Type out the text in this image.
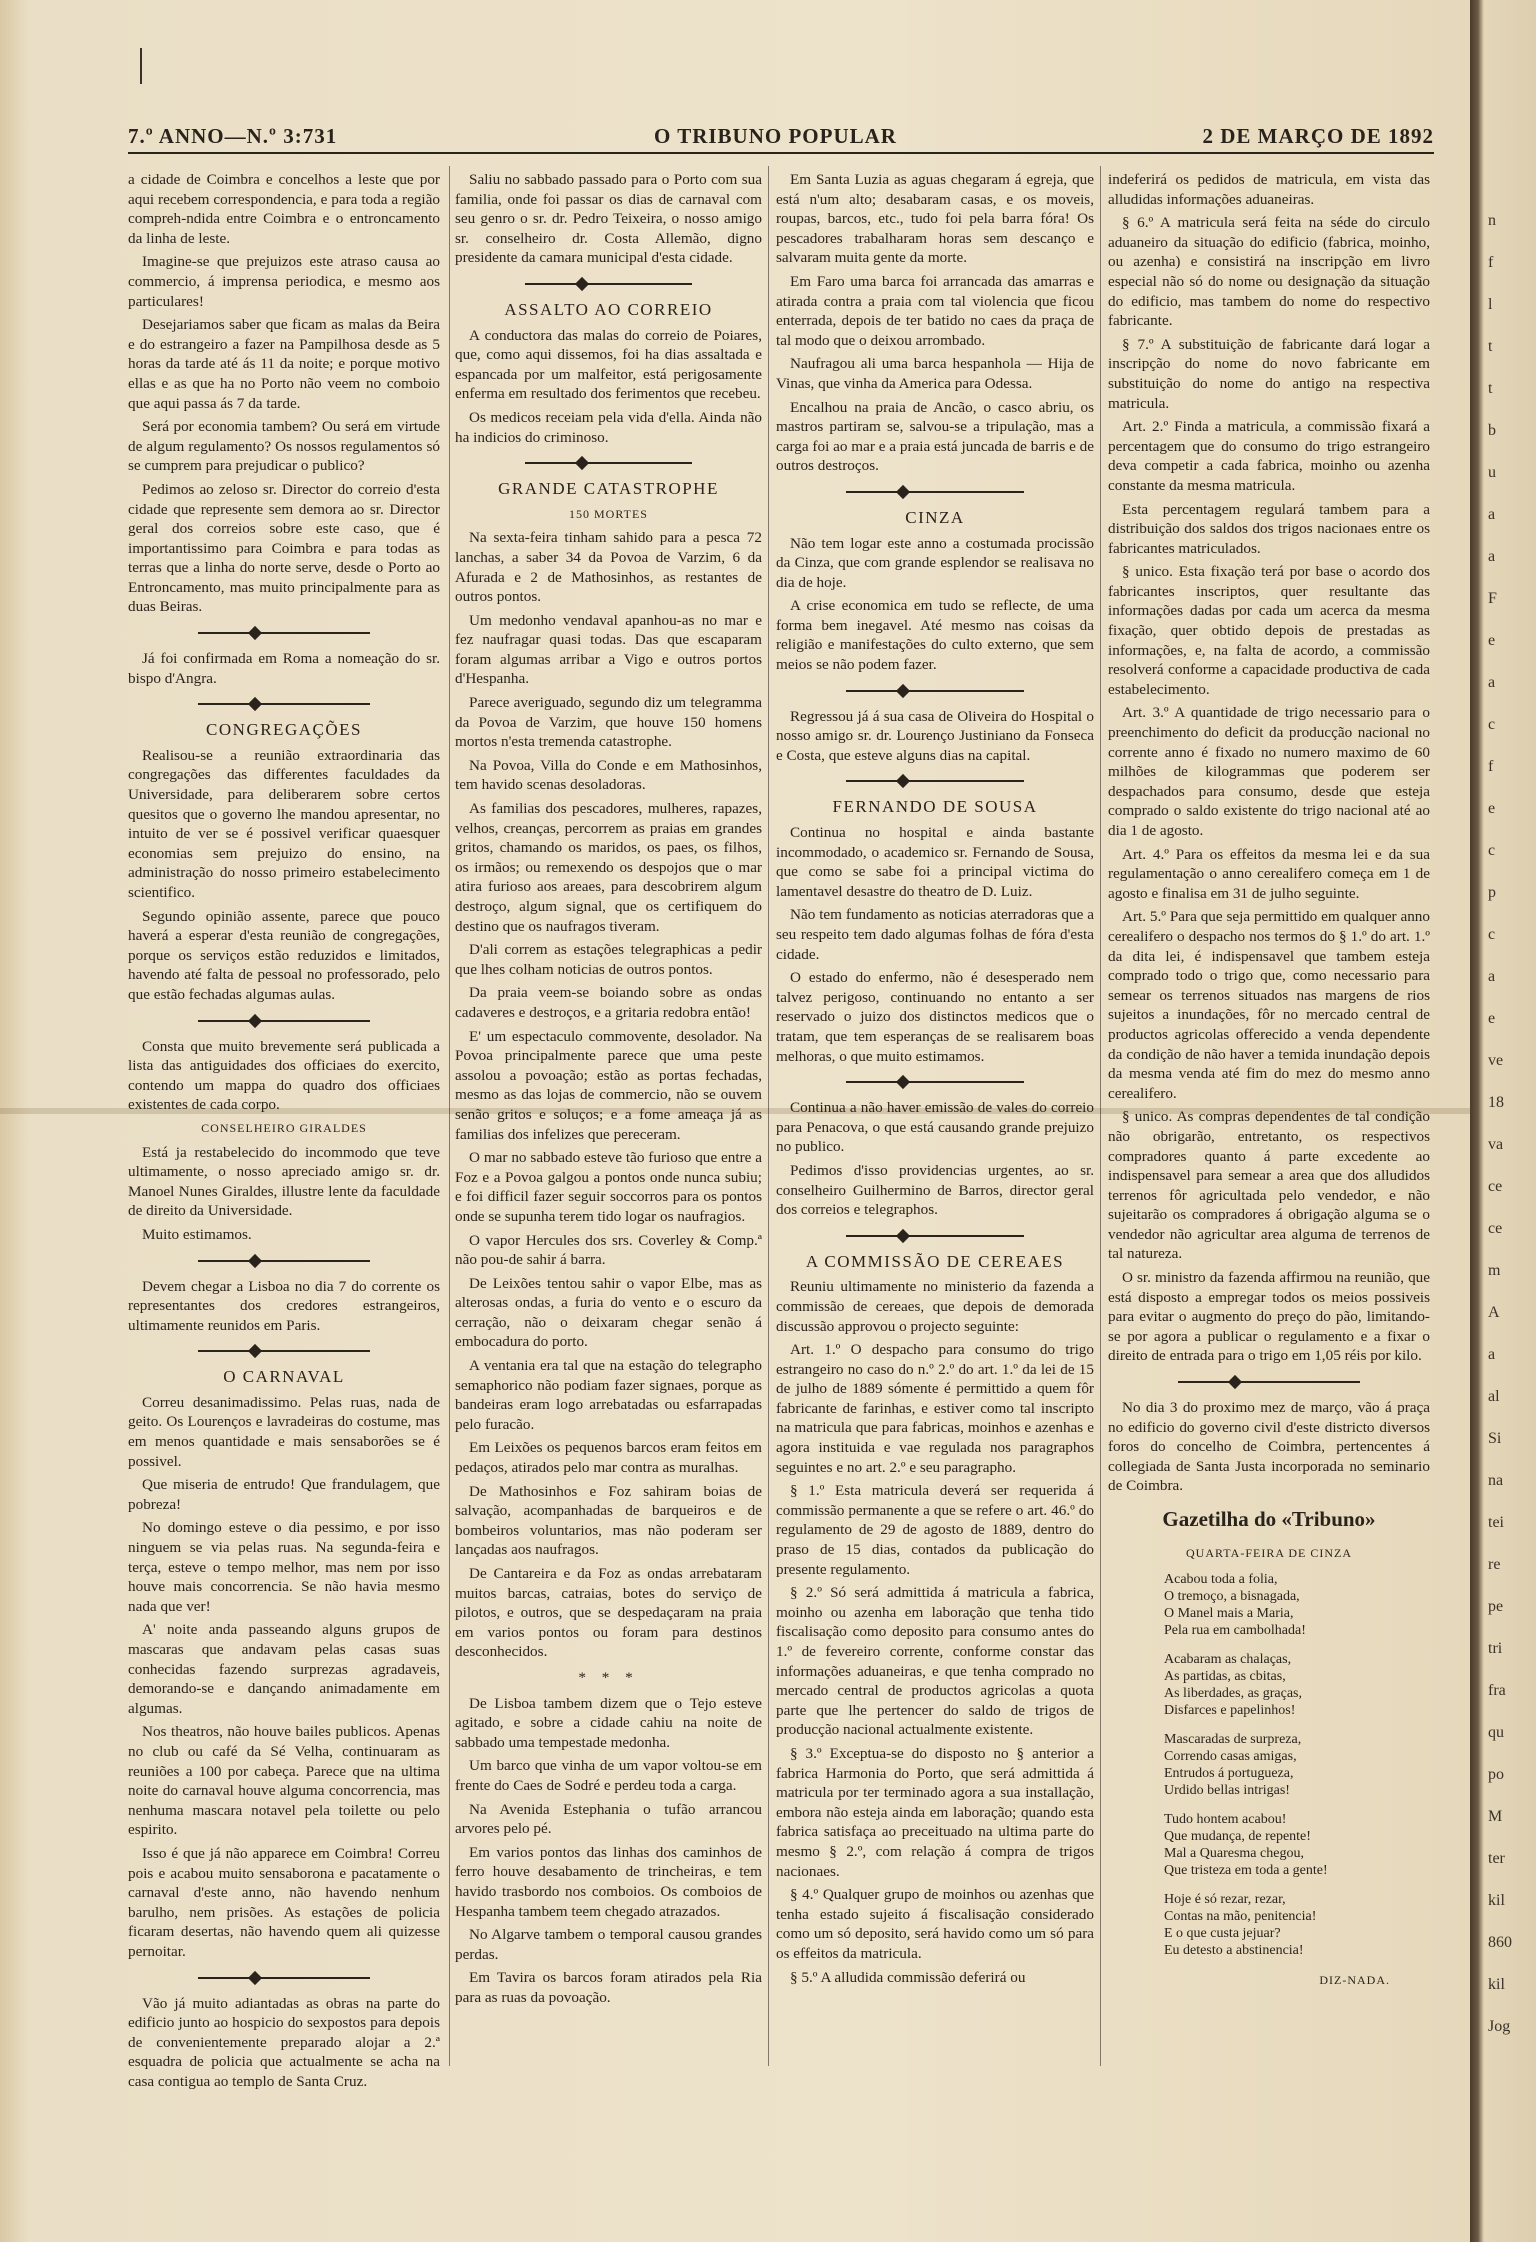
7.º ANNO—N.º 3:731	O TRIBUNO POPULAR	2 DE MARÇO DE 1892

a cidade de Coimbra e concelhos a leste que por aqui recebem correspondencia, e para toda a região compreh-ndida entre Coimbra e o entroncamento da linha de leste.

Imagine-se que prejuizos este atraso causa ao commercio, á imprensa periodica, e mesmo aos particulares!

Desejariamos saber que ficam as malas da Beira e do estrangeiro a fazer na Pampilhosa desde as 5 horas da tarde até ás 11 da noite; e porque motivo ellas e as que ha no Porto não veem no comboio que aqui passa ás 7 da tarde.

Será por economia tambem? Ou será em virtude de algum regulamento? Os nossos regulamentos só se cumprem para prejudicar o publico?

Pedimos ao zeloso sr. Director do correio d'esta cidade que represente sem demora ao sr. Director geral dos correios sobre este caso, que é importantissimo para Coimbra e para todas as terras que a linha do norte serve, desde o Porto ao Entroncamento, mas muito principalmente para as duas Beiras.

Já foi confirmada em Roma a nomeação do sr. bispo d'Angra.

CONGREGAÇÕES

Realisou-se a reunião extraordinaria das congregações das differentes faculdades da Universidade, para deliberarem sobre certos quesitos que o governo lhe mandou apresentar, no intuito de ver se é possivel verificar quaesquer economias sem prejuizo do ensino, na administração do nosso primeiro estabelecimento scientifico.

Segundo opinião assente, parece que pouco haverá a esperar d'esta reunião de congregações, porque os serviços estão reduzidos e limitados, havendo até falta de pessoal no professorado, pelo que estão fechadas algumas aulas.

Consta que muito brevemente será publicada a lista das antiguidades dos officiaes do exercito, contendo um mappa do quadro dos officiaes existentes de cada corpo.

CONSELHEIRO GIRALDES

Está ja restabelecido do incommodo que teve ultimamente, o nosso apreciado amigo sr. dr. Manoel Nunes Giraldes, illustre lente da faculdade de direito da Universidade.

Muito estimamos.

Devem chegar a Lisboa no dia 7 do corrente os representantes dos credores estrangeiros, ultimamente reunidos em Paris.

O CARNAVAL

Correu desanimadissimo. Pelas ruas, nada de geito. Os Lourenços e lavradeiras do costume, mas em menos quantidade e mais sensaborões se é possivel.

Que miseria de entrudo! Que frandulagem, que pobreza!

No domingo esteve o dia pessimo, e por isso ninguem se via pelas ruas. Na segunda-feira e terça, esteve o tempo melhor, mas nem por isso houve mais concorrencia. Se não havia mesmo nada que ver!

A' noite anda passeando alguns grupos de mascaras que andavam pelas casas suas conhecidas fazendo surprezas agradaveis, demorando-se e dançando animadamente em algumas.

Nos theatros, não houve bailes publicos. Apenas no club ou café da Sé Velha, continuaram as reuniões a 100 por cabeça. Parece que na ultima noite do carnaval houve alguma concorrencia, mas nenhuma mascara notavel pela toilette ou pelo espirito.

Isso é que já não apparece em Coimbra! Correu pois e acabou muito sensaborona e pacatamente o carnaval d'este anno, não havendo nenhum barulho, nem prisões. As estações de policia ficaram desertas, não havendo quem ali quizesse pernoitar.

Vão já muito adiantadas as obras na parte do edificio junto ao hospicio do sexpostos para depois de convenientemente preparado alojar a 2.ª esquadra de policia que actualmente se acha na casa contigua ao templo de Santa Cruz.

Saliu no sabbado passado para o Porto com sua familia, onde foi passar os dias de carnaval com seu genro o sr. dr. Pedro Teixeira, o nosso amigo sr. conselheiro dr. Costa Allemão, digno presidente da camara municipal d'esta cidade.

ASSALTO AO CORREIO

A conductora das malas do correio de Poiares, que, como aqui dissemos, foi ha dias assaltada e espancada por um malfeitor, está perigosamente enferma em resultado dos ferimentos que recebeu.

Os medicos receiam pela vida d'ella. Ainda não ha indicios do criminoso.

GRANDE CATASTROPHE
150 MORTES

Na sexta-feira tinham sahido para a pesca 72 lanchas, a saber 34 da Povoa de Varzim, 6 da Afurada e 2 de Mathosinhos, as restantes de outros pontos.

Um medonho vendaval apanhou-as no mar e fez naufragar quasi todas. Das que escaparam foram algumas arribar a Vigo e outros portos d'Hespanha.

Parece averiguado, segundo diz um telegramma da Povoa de Varzim, que houve 150 homens mortos n'esta tremenda catastrophe.

Na Povoa, Villa do Conde e em Mathosinhos, tem havido scenas desoladoras.

As familias dos pescadores, mulheres, rapazes, velhos, creanças, percorrem as praias em grandes gritos, chamando os maridos, os paes, os filhos, os irmãos; ou remexendo os despojos que o mar atira furioso aos areaes, para descobrirem algum destroço, algum signal, que os certifiquem do destino que os naufragos tiveram.

D'ali correm as estações telegraphicas a pedir que lhes colham noticias de outros pontos.

Da praia veem-se boiando sobre as ondas cadaveres e destroços, e a gritaria redobra então!

E' um espectaculo commovente, desolador. Na Povoa principalmente parece que uma peste assolou a povoação; estão as portas fechadas, mesmo as das lojas de commercio, não se ouvem senão gritos e soluços; e a fome ameaça já as familias dos infelizes que pereceram.

O mar no sabbado esteve tão furioso que entre a Foz e a Povoa galgou a pontos onde nunca subiu; e foi difficil fazer seguir soccorros para os pontos onde se supunha terem tido logar os naufragios.

O vapor Hercules dos srs. Coverley & Comp.ª não pou-de sahir á barra.

De Leixões tentou sahir o vapor Elbe, mas as alterosas ondas, a furia do vento e o escuro da cerração, não o deixaram chegar senão á embocadura do porto.

A ventania era tal que na estação do telegrapho semaphorico não podiam fazer signaes, porque as bandeiras eram logo arrebatadas ou esfarrapadas pelo furacão.

Em Leixões os pequenos barcos eram feitos em pedaços, atirados pelo mar contra as muralhas.

De Mathosinhos e Foz sahiram boias de salvação, acompanhadas de barqueiros e de bombeiros voluntarios, mas não poderam ser lançadas aos naufragos.

De Cantareira e da Foz as ondas arrebataram muitos barcas, catraias, botes do serviço de pilotos, e outros, que se despedaçaram na praia em varios pontos ou foram para destinos desconhecidos.

* * *

De Lisboa tambem dizem que o Tejo esteve agitado, e sobre a cidade cahiu na noite de sabbado uma tempestade medonha.

Um barco que vinha de um vapor voltou-se em frente do Caes de Sodré e perdeu toda a carga.

Na Avenida Estephania o tufão arrancou arvores pelo pé.

Em varios pontos das linhas dos caminhos de ferro houve desabamento de trincheiras, e tem havido trasbordo nos comboios. Os comboios de Hespanha tambem teem chegado atrazados.

No Algarve tambem o temporal causou grandes perdas.

Em Tavira os barcos foram atirados pela Ria para as ruas da povoação.

Em Santa Luzia as aguas chegaram á egreja, que está n'um alto; desabaram casas, e os moveis, roupas, barcos, etc., tudo foi pela barra fóra! Os pescadores trabalharam horas sem descanço e salvaram muita gente da morte.

Em Faro uma barca foi arrancada das amarras e atirada contra a praia com tal violencia que ficou enterrada, depois de ter batido no caes da praça de tal modo que o deixou arrombado.

Naufragou ali uma barca hespanhola — Hija de Vinas, que vinha da America para Odessa.

Encalhou na praia de Ancão, o casco abriu, os mastros partiram se, salvou-se a tripulação, mas a carga foi ao mar e a praia está juncada de barris e de outros destroços.

CINZA

Não tem logar este anno a costumada procissão da Cinza, que com grande esplendor se realisava no dia de hoje.

A crise economica em tudo se reflecte, de uma forma bem inegavel. Até mesmo nas coisas da religião e manifestações do culto externo, que sem meios se não podem fazer.

Regressou já á sua casa de Oliveira do Hospital o nosso amigo sr. dr. Lourenço Justiniano da Fonseca e Costa, que esteve alguns dias na capital.

FERNANDO DE SOUSA

Continua no hospital e ainda bastante incommodado, o academico sr. Fernando de Sousa, que como se sabe foi a principal victima do lamentavel desastre do theatro de D. Luiz.

Não tem fundamento as noticias aterradoras que a seu respeito tem dado algumas folhas de fóra d'esta cidade.

O estado do enfermo, não é desesperado nem talvez perigoso, continuando no entanto a ser reservado o juizo dos distinctos medicos que o tratam, que tem esperanças de se realisarem boas melhoras, o que muito estimamos.

Continua a não haver emissão de vales do correio para Penacova, o que está causando grande prejuizo no publico.

Pedimos d'isso providencias urgentes, ao sr. conselheiro Guilhermino de Barros, director geral dos correios e telegraphos.

A COMMISSÃO DE CEREAES

Reuniu ultimamente no ministerio da fazenda a commissão de cereaes, que depois de demorada discussão approvou o projecto seguinte:

Art. 1.º O despacho para consumo do trigo estrangeiro no caso do n.º 2.º do art. 1.º da lei de 15 de julho de 1889 sómente é permittido a quem fôr fabricante de farinhas, e estiver como tal inscripto na matricula que para fabricas, moinhos e azenhas e agora instituida e vae regulada nos paragraphos seguintes e no art. 2.º e seu paragrapho.

§ 1.º Esta matricula deverá ser requerida á commissão permanente a que se refere o art. 46.º do regulamento de 29 de agosto de 1889, dentro do praso de 15 dias, contados da publicação do presente regulamento.

§ 2.º Só será admittida á matricula a fabrica, moinho ou azenha em laboração que tenha tido fiscalisação como deposito para consumo antes do 1.º de fevereiro corrente, conforme constar das informações aduaneiras, e que tenha comprado no mercado central de productos agricolas a quota parte que lhe pertencer do saldo de trigos de producção nacional actualmente existente.

§ 3.º Exceptua-se do disposto no § anterior a fabrica Harmonia do Porto, que será admittida á matricula por ter terminado agora a sua installação, embora não esteja ainda em laboração; quando esta fabrica satisfaça ao preceituado na ultima parte do mesmo § 2.º, com relação á compra de trigos nacionaes.

§ 4.º Qualquer grupo de moinhos ou azenhas que tenha estado sujeito á fiscalisação considerado como um só deposito, será havido como um só para os effeitos da matricula.

§ 5.º A alludida commissão deferirá ou

indeferirá os pedidos de matricula, em vista das alludidas informações aduaneiras.

§ 6.º A matricula será feita na séde do circulo aduaneiro da situação do edificio (fabrica, moinho, ou azenha) e consistirá na inscripção em livro especial não só do nome ou designação da situação do edificio, mas tambem do nome do respectivo fabricante.

§ 7.º A substituição de fabricante dará logar a inscripção do nome do novo fabricante em substituição do nome do antigo na respectiva matricula.

Art. 2.º Finda a matricula, a commissão fixará a percentagem que do consumo do trigo estrangeiro deva competir a cada fabrica, moinho ou azenha constante da mesma matricula.

Esta percentagem regulará tambem para a distribuição dos saldos dos trigos nacionaes entre os fabricantes matriculados.

§ unico. Esta fixação terá por base o acordo dos fabricantes inscriptos, quer resultante das informações dadas por cada um acerca da mesma fixação, quer obtido depois de prestadas as informações, e, na falta de acordo, a commissão resolverá conforme a capacidade productiva de cada estabelecimento.

Art. 3.º A quantidade de trigo necessario para o preenchimento do deficit da producção nacional no corrente anno é fixado no numero maximo de 60 milhões de kilogrammas que poderem ser despachados para consumo, desde que esteja comprado o saldo existente do trigo nacional até ao dia 1 de agosto.

Art. 4.º Para os effeitos da mesma lei e da sua regulamentação o anno cerealifero começa em 1 de agosto e finalisa em 31 de julho seguinte.

Art. 5.º Para que seja permittido em qualquer anno cerealifero o despacho nos termos do § 1.º do art. 1.º da dita lei, é indispensavel que tambem esteja comprado todo o trigo que, como necessario para semear os terrenos situados nas margens de rios sujeitos a inundações, fôr no mercado central de productos agricolas offerecido a venda dependente da condição de não haver a temida inundação depois da mesma venda até fim do mez do mesmo anno cerealifero.

§ unico. As compras dependentes de tal condição não obrigarão, entretanto, os respectivos compradores quanto á parte excedente ao indispensavel para semear a area que dos alludidos terrenos fôr agricultada pelo vendedor, e não sujeitarão os compradores á obrigação alguma se o vendedor não agricultar area alguma de terrenos de tal natureza.

O sr. ministro da fazenda affirmou na reunião, que está disposto a empregar todos os meios possiveis para evitar o augmento do preço do pão, limitando-se por agora a publicar o regulamento e a fixar o direito de entrada para o trigo em 1,05 réis por kilo.

No dia 3 do proximo mez de março, vão á praça no edificio do governo civil d'este districto diversos foros do concelho de Coimbra, pertencentes á collegiada de Santa Justa incorporada no seminario de Coimbra.

Gazetilha do «Tribuno»
QUARTA-FEIRA DE CINZA
Acabou toda a folia,
O tremoço, a bisnagada,
O Manel mais a Maria,
Pela rua em cambolhada!
Acabaram as chalaças,
As partidas, as cbitas,
As liberdades, as graças,
Disfarces e papelinhos!
Mascaradas de surpreza,
Correndo casas amigas,
Entrudos á portugueza,
Urdido bellas intrigas!
Tudo hontem acabou!
Que mudança, de repente!
Mal a Quaresma chegou,
Que tristeza em toda a gente!
Hoje é só rezar, rezar,
Contas na mão, penitencia!
E o que custa jejuar?
Eu detesto a abstinencia!
DIZ-NADA.
n
f
l
t
t
b
u
a
a
F
e
a
c
f
e
c
p
c
a
e
ve
18
va
ce
ce
m
A
a
al
Si
na
tei
re
pe
tri
fra
qu
po
M
ter
kil
860
kil
Jog
